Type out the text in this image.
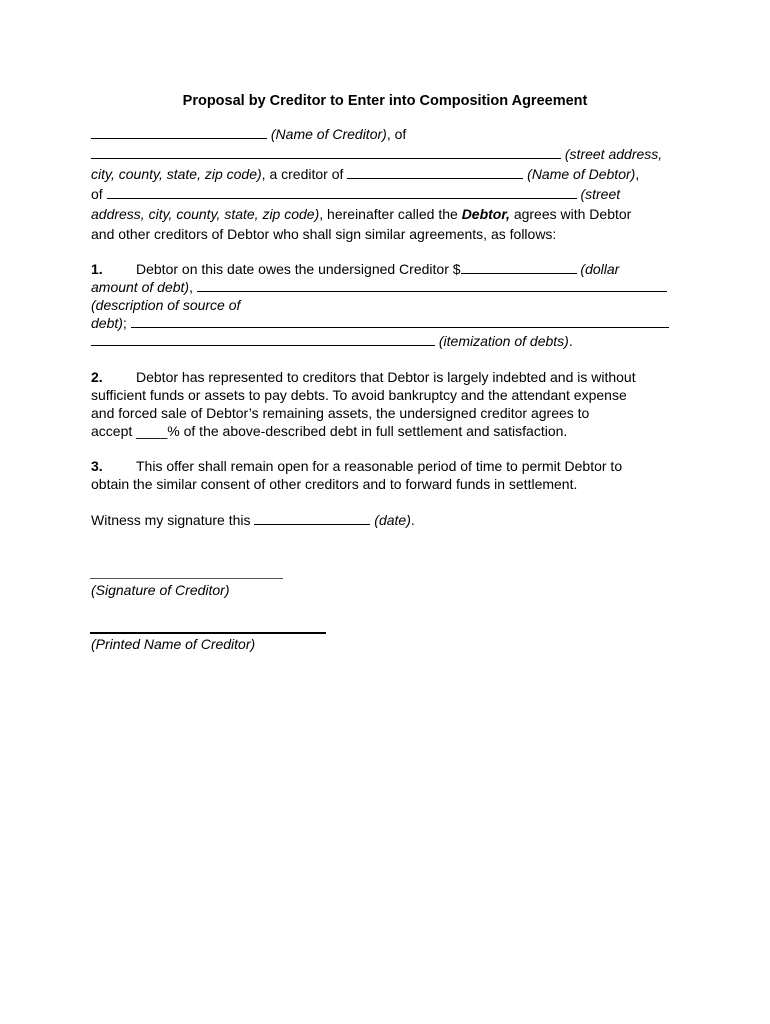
Proposal by Creditor to Enter into Composition Agreement
(Name of Creditor), of
(street address,
city, county, state, zip code), a creditor of	(Name of Debtor),
of	(street
address, city, county, state, zip code), hereinafter called the Debtor, agrees with Debtor
and other creditors of Debtor who shall sign similar agreements, as follows:
1. Debtor on this date owes the undersigned Creditor $	(dollar
amount of debt),
(description of source of
debt);
(itemization of debts).
2. Debtor has represented to creditors that Debtor is largely indebted and is without
sufficient funds or assets to pay debts. To avoid bankruptcy and the attendant expense
and forced sale of Debtor’s remaining assets, the undersigned creditor agrees to
accept ____% of the above-described debt in full settlement and satisfaction.
3. This offer shall remain open for a reasonable period of time to permit Debtor to
obtain the similar consent of other creditors and to forward funds in settlement.
Witness my signature this	(date).
(Signature of Creditor)
(Printed Name of Creditor)
